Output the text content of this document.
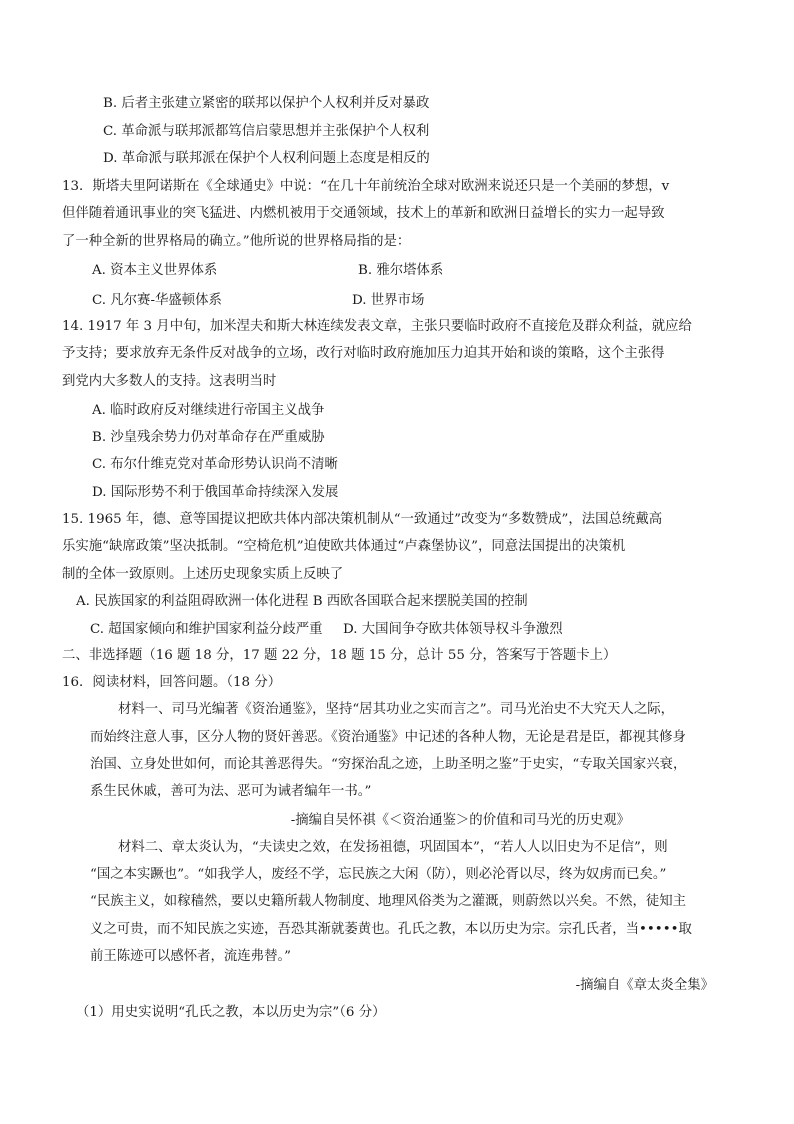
B. 后者主张建立紧密的联邦以保护个人权利并反对暴政
C. 革命派与联邦派都笃信启蒙思想并主张保护个人权利
D. 革命派与联邦派在保护个人权利问题上态度是相反的
13．斯塔夫里阿诺斯在《全球通史》中说：“在几十年前统治全球对欧洲来说还只是一个美丽的梦想，v
但伴随着通讯事业的突飞猛进、内燃机被用于交通领域，技术上的革新和欧洲日益增长的实力一起导致
了一种全新的世界格局的确立。”他所说的世界格局指的是：
A. 资本主义世界体系	B. 雅尔塔体系
C. 凡尔赛-华盛顿体系	D. 世界市场
14. 1917 年 3 月中旬，加米涅夫和斯大林连续发表文章，主张只要临时政府不直接危及群众利益，就应给
予支持；要求放弃无条件反对战争的立场，改行对临时政府施加压力迫其开始和谈的策略，这个主张得
到党内大多数人的支持。这表明当时
A. 临时政府反对继续进行帝国主义战争
B. 沙皇残余势力仍对革命存在严重威胁
C. 布尔什维克党对革命形势认识尚不清晰
D. 国际形势不利于俄国革命持续深入发展
15. 1965 年，德、意等国提议把欧共体内部决策机制从“一致通过”改变为“多数赞成”，法国总统戴高
乐实施“缺席政策”坚决抵制。“空椅危机”迫使欧共体通过“卢森堡协议”，同意法国提出的决策机
制的全体一致原则。上述历史现象实质上反映了
A. 民族国家的利益阻碍欧洲一体化进程 B 西欧各国联合起来摆脱美国的控制
C. 超国家倾向和维护国家利益分歧严重 D. 大国间争夺欧共体领导权斗争激烈
二、非选择题（16 题 18 分，17 题 22 分，18 题 15 分，总计 55 分，答案写于答题卡上）
16．阅读材料，回答问题。（18 分）
材料一、司马光编著《资治通鉴》，坚持“居其功业之实而言之”。司马光治史不大究天人之际，
而始终注意人事，区分人物的贤奸善恶。《资治通鉴》中记述的各种人物，无论是君是臣，都视其修身
治国、立身处世如何，而论其善恶得失。“穷探治乱之迹，上助圣明之鉴”于史实，“专取关国家兴衰，
系生民休戚，善可为法、恶可为诫者编年一书。”
-摘编自吴怀祺《＜资治通鉴＞的价值和司马光的历史观》
材料二、章太炎认为，“夫读史之效，在发扬祖德，巩固国本”，“若人人以旧史为不足信”，则
“国之本实蹶也”。“如我学人，废经不学，忘民族之大闲（防），则必沦胥以尽，终为奴虏而已矣。”
“民族主义，如稼穑然，要以史籍所载人物制度、地理风俗类为之灌溉，则蔚然以兴矣。不然，徒知主
义之可贵，而不知民族之实迹，吾恐其渐就萎黄也。孔氏之教，本以历史为宗。宗孔氏者，当•••••取
前王陈迹可以感怀者，流连弗替。”
-摘编自《章太炎全集》
（1）用史实说明“孔氏之教，本以历史为宗”（6 分）
